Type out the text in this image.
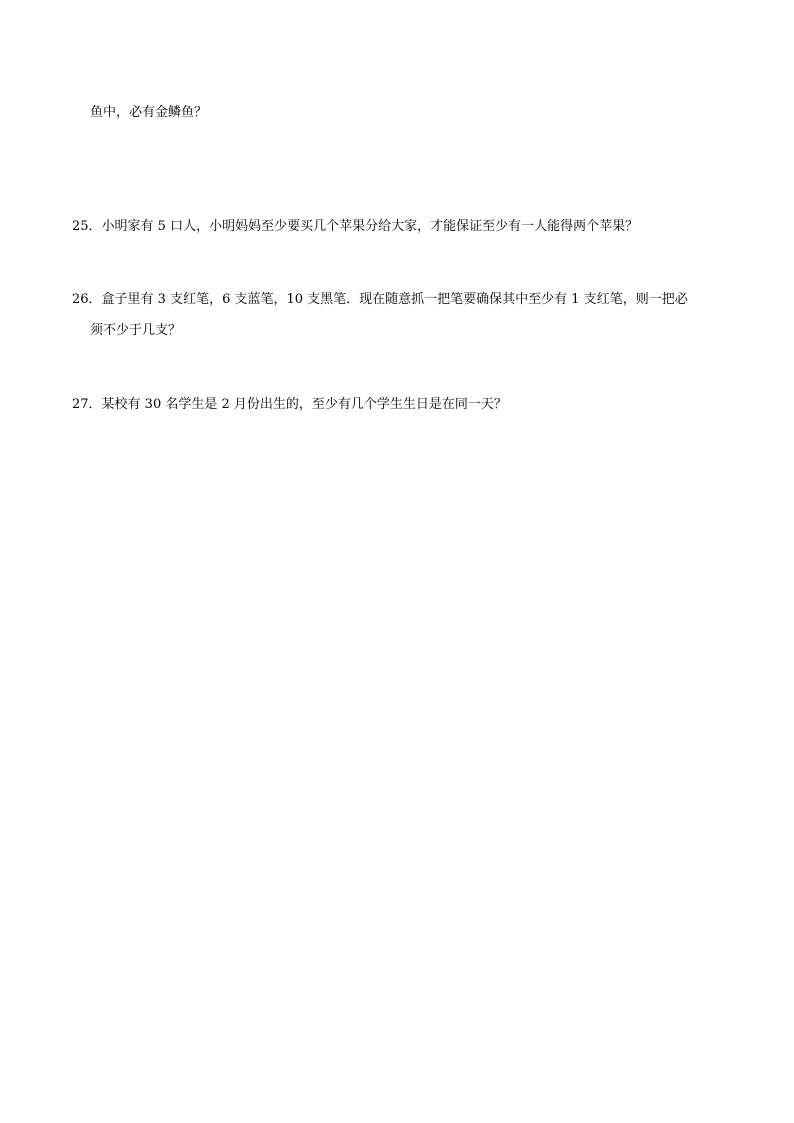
鱼中，必有金鳞鱼？
25．小明家有 5 口人，小明妈妈至少要买几个苹果分给大家，才能保证至少有一人能得两个苹果？
26．盒子里有 3 支红笔，6 支蓝笔，10 支黑笔．现在随意抓一把笔要确保其中至少有 1 支红笔，则一把必
须不少于几支？
27．某校有 30 名学生是 2 月份出生的，至少有几个学生生日是在同一天？
